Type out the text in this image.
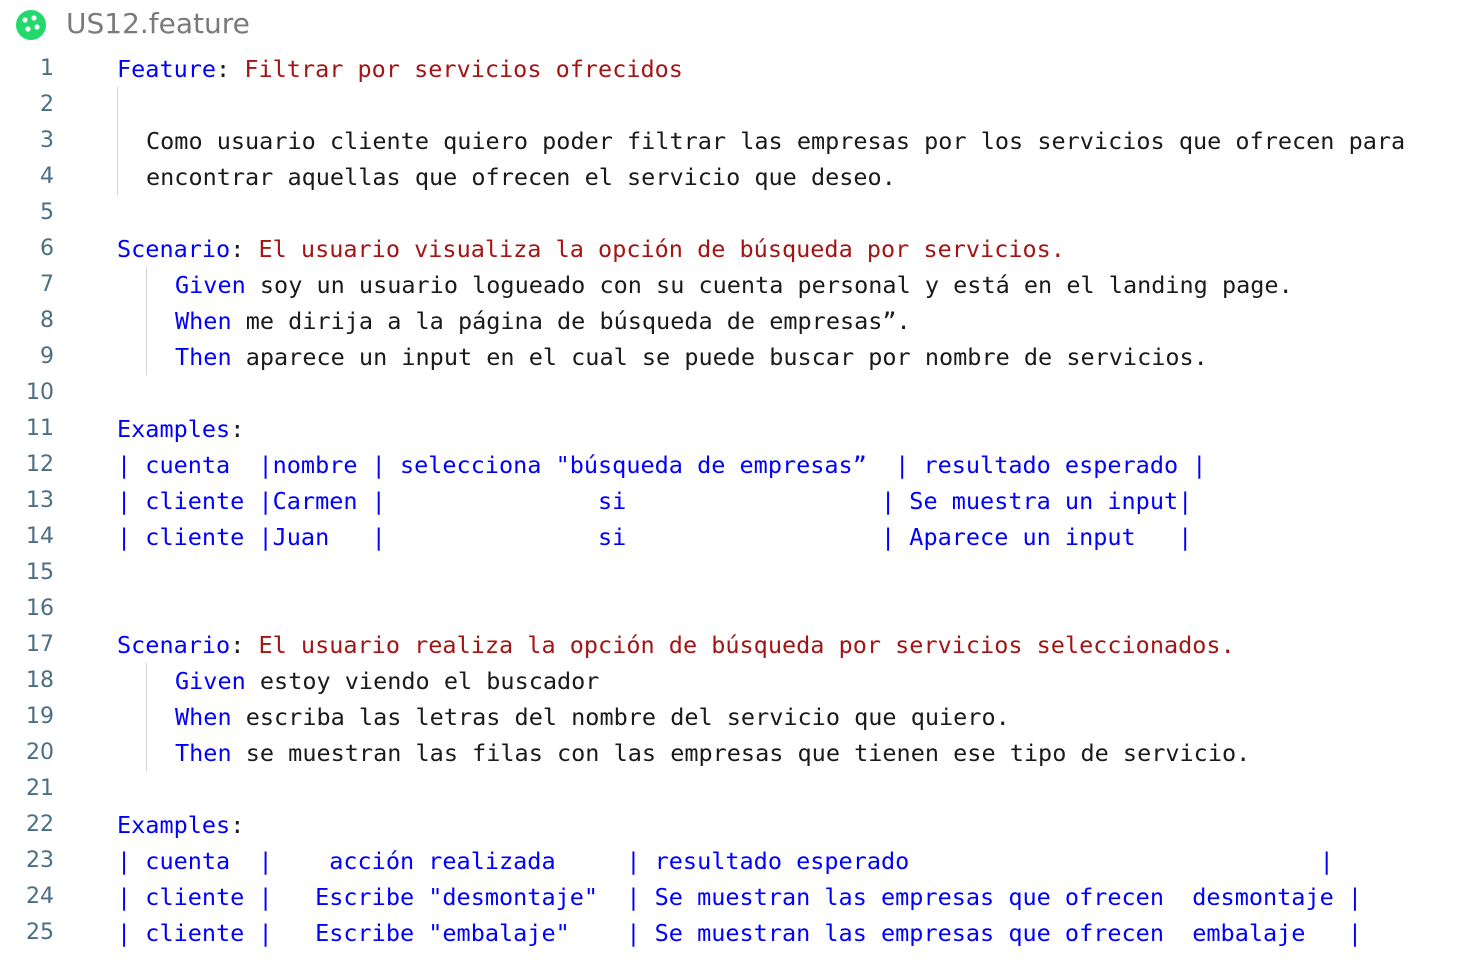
US12.feature
1	Feature: Filtrar por servicios ofrecidos
2
3	Como usuario cliente quiero poder filtrar las empresas por los servicios que ofrecen para
4	encontrar aquellas que ofrecen el servicio que deseo.
5
6	Scenario: El usuario visualiza la opción de búsqueda por servicios.
7	Given soy un usuario logueado con su cuenta personal y está en el landing page.
8	When me dirija a la página de búsqueda de empresas”.
9	Then aparece un input en el cual se puede buscar por nombre de servicios.
10
11	Examples:
12	| cuenta  |nombre | selecciona "búsqueda de empresas”  | resultado esperado |
13	| cliente |Carmen |               si                  | Se muestra un input|
14	| cliente |Juan   |               si                  | Aparece un input   |
15
16
17	Scenario: El usuario realiza la opción de búsqueda por servicios seleccionados.
18	Given estoy viendo el buscador
19	When escriba las letras del nombre del servicio que quiero.
20	Then se muestran las filas con las empresas que tienen ese tipo de servicio.
21
22	Examples:
23	| cuenta  |    acción realizada     | resultado esperado                             |
24	| cliente |   Escribe "desmontaje"  | Se muestran las empresas que ofrecen  desmontaje |
25	| cliente |   Escribe "embalaje"    | Se muestran las empresas que ofrecen  embalaje   |
